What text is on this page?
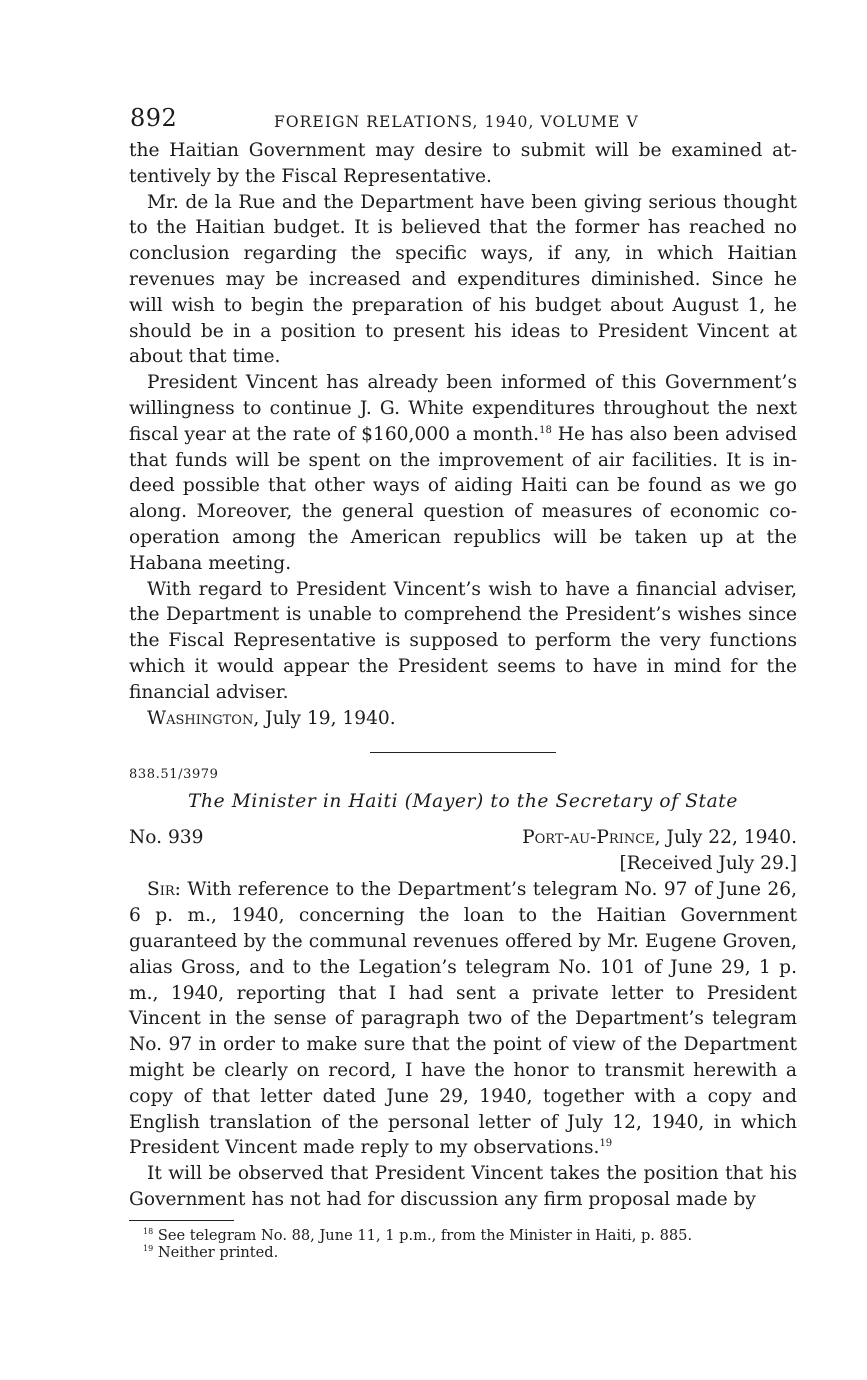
892	FOREIGN RELATIONS, 1940, VOLUME V

the Haitian Government may desire to submit will be examined at-tentively by the Fiscal Representative.

Mr. de la Rue and the Department have been giving serious thought to the Haitian budget. It is believed that the former has reached no conclusion regarding the specific ways, if any, in which Haitian revenues may be increased and expenditures diminished. Since he will wish to begin the preparation of his budget about August 1, he should be in a position to present his ideas to President Vincent at about that time.

President Vincent has already been informed of this Government’s willingness to continue J. G. White expenditures throughout the next fiscal year at the rate of $160,000 a month.$^{18}$ He has also been advised that funds will be spent on the improvement of air facilities. It is in-deed possible that other ways of aiding Haiti can be found as we go along. Moreover, the general question of measures of economic co-operation among the American republics will be taken up at the Habana meeting.

With regard to President Vincent’s wish to have a financial adviser, the Department is unable to comprehend the President’s wishes since the Fiscal Representative is supposed to perform the very functions which it would appear the President seems to have in mind for the financial adviser.

Washington, July 19, 1940.

838.51/3979
The Minister in Haiti (Mayer) to the Secretary of State
No. 939	Port-au-Prince, July 22, 1940.
[Received July 29.]

Sir: With reference to the Department’s telegram No. 97 of June 26, 6 p. m., 1940, concerning the loan to the Haitian Government guaranteed by the communal revenues offered by Mr. Eugene Groven, alias Gross, and to the Legation’s telegram No. 101 of June 29, 1 p. m., 1940, reporting that I had sent a private letter to President Vincent in the sense of paragraph two of the Department’s telegram No. 97 in order to make sure that the point of view of the Department might be clearly on record, I have the honor to transmit herewith a copy of that letter dated June 29, 1940, together with a copy and English translation of the personal letter of July 12, 1940, in which President Vincent made reply to my observations.$^{19}$

It will be observed that President Vincent takes the position that his Government has not had for discussion any firm proposal made by

$^{18}$ See telegram No. 88, June 11, 1 p.m., from the Minister in Haiti, p. 885.
$^{19}$ Neither printed.
